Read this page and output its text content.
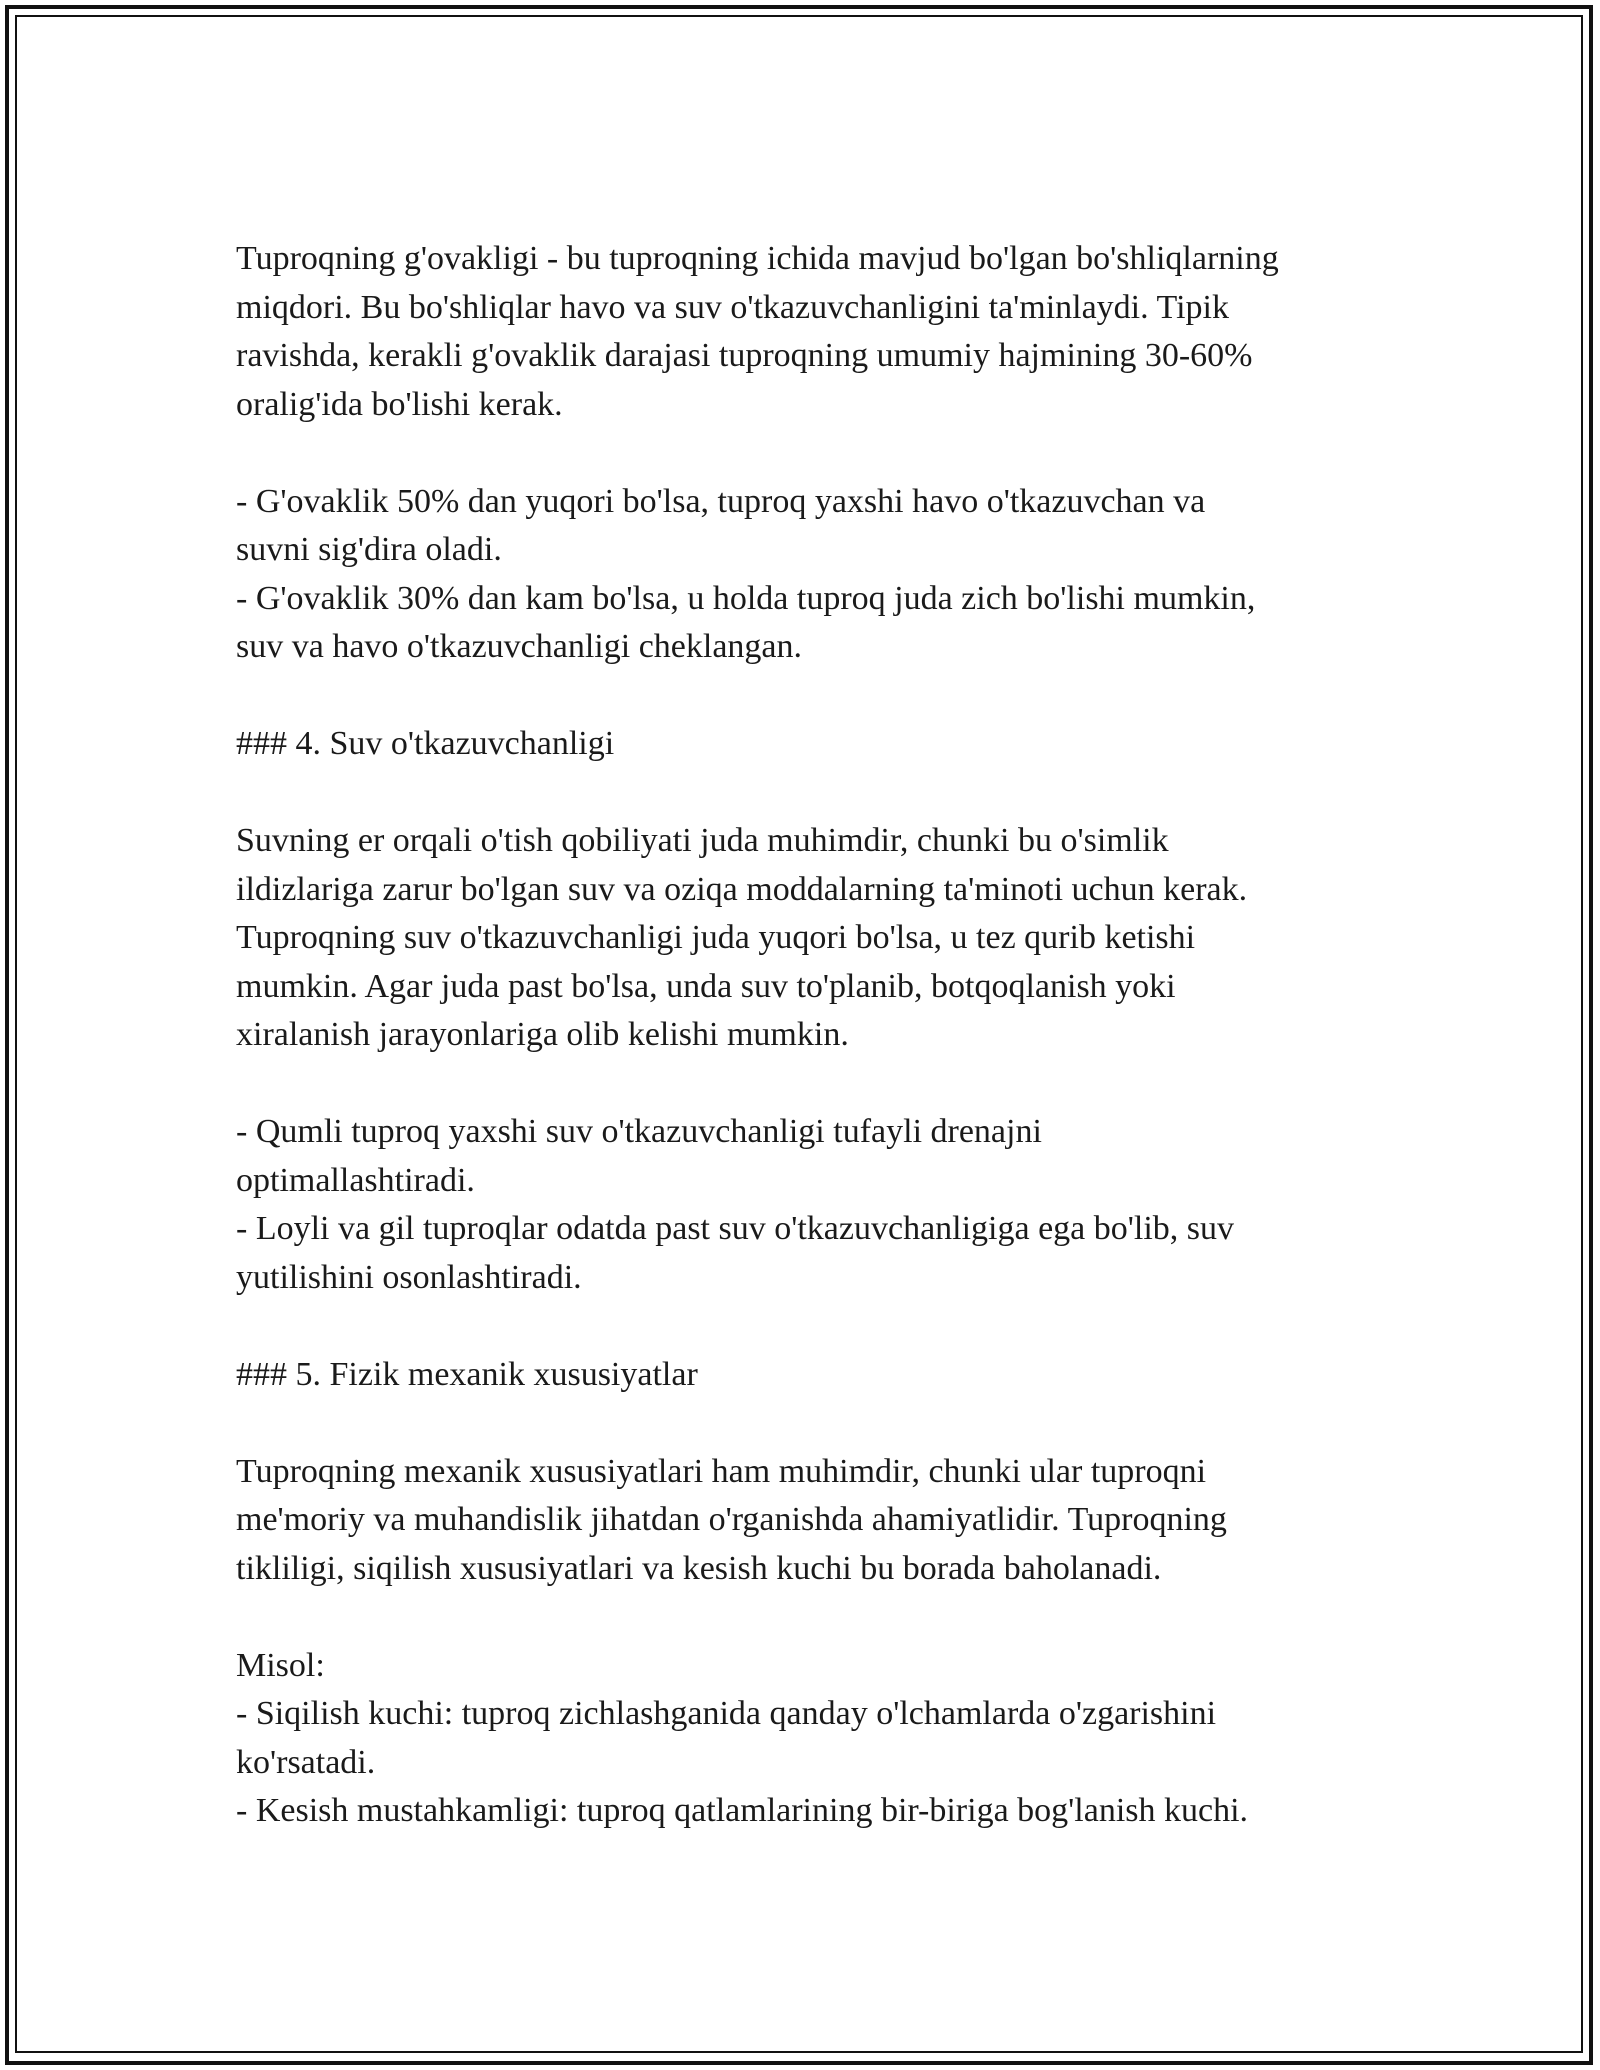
Tuproqning g'ovakligi - bu tuproqning ichida mavjud bo'lgan bo'shliqlarning
miqdori. Bu bo'shliqlar havo va suv o'tkazuvchanligini ta'minlaydi. Tipik
ravishda, kerakli g'ovaklik darajasi tuproqning umumiy hajmining 30-60%
oralig'ida bo'lishi kerak.

- G'ovaklik 50% dan yuqori bo'lsa, tuproq yaxshi havo o'tkazuvchan va
suvni sig'dira oladi.
- G'ovaklik 30% dan kam bo'lsa, u holda tuproq juda zich bo'lishi mumkin,
suv va havo o'tkazuvchanligi cheklangan.

### 4. Suv o'tkazuvchanligi

Suvning er orqali o'tish qobiliyati juda muhimdir, chunki bu o'simlik
ildizlariga zarur bo'lgan suv va oziqa moddalarning ta'minoti uchun kerak.
Tuproqning suv o'tkazuvchanligi juda yuqori bo'lsa, u tez qurib ketishi
mumkin. Agar juda past bo'lsa, unda suv to'planib, botqoqlanish yoki
xiralanish jarayonlariga olib kelishi mumkin.

- Qumli tuproq yaxshi suv o'tkazuvchanligi tufayli drenajni
optimallashtiradi.
- Loyli va gil tuproqlar odatda past suv o'tkazuvchanligiga ega bo'lib, suv
yutilishini osonlashtiradi.

### 5. Fizik mexanik xususiyatlar

Tuproqning mexanik xususiyatlari ham muhimdir, chunki ular tuproqni
me'moriy va muhandislik jihatdan o'rganishda ahamiyatlidir. Tuproqning
tikliligi, siqilish xususiyatlari va kesish kuchi bu borada baholanadi.

Misol:
- Siqilish kuchi: tuproq zichlashganida qanday o'lchamlarda o'zgarishini
ko'rsatadi.
- Kesish mustahkamligi: tuproq qatlamlarining bir-biriga bog'lanish kuchi.
